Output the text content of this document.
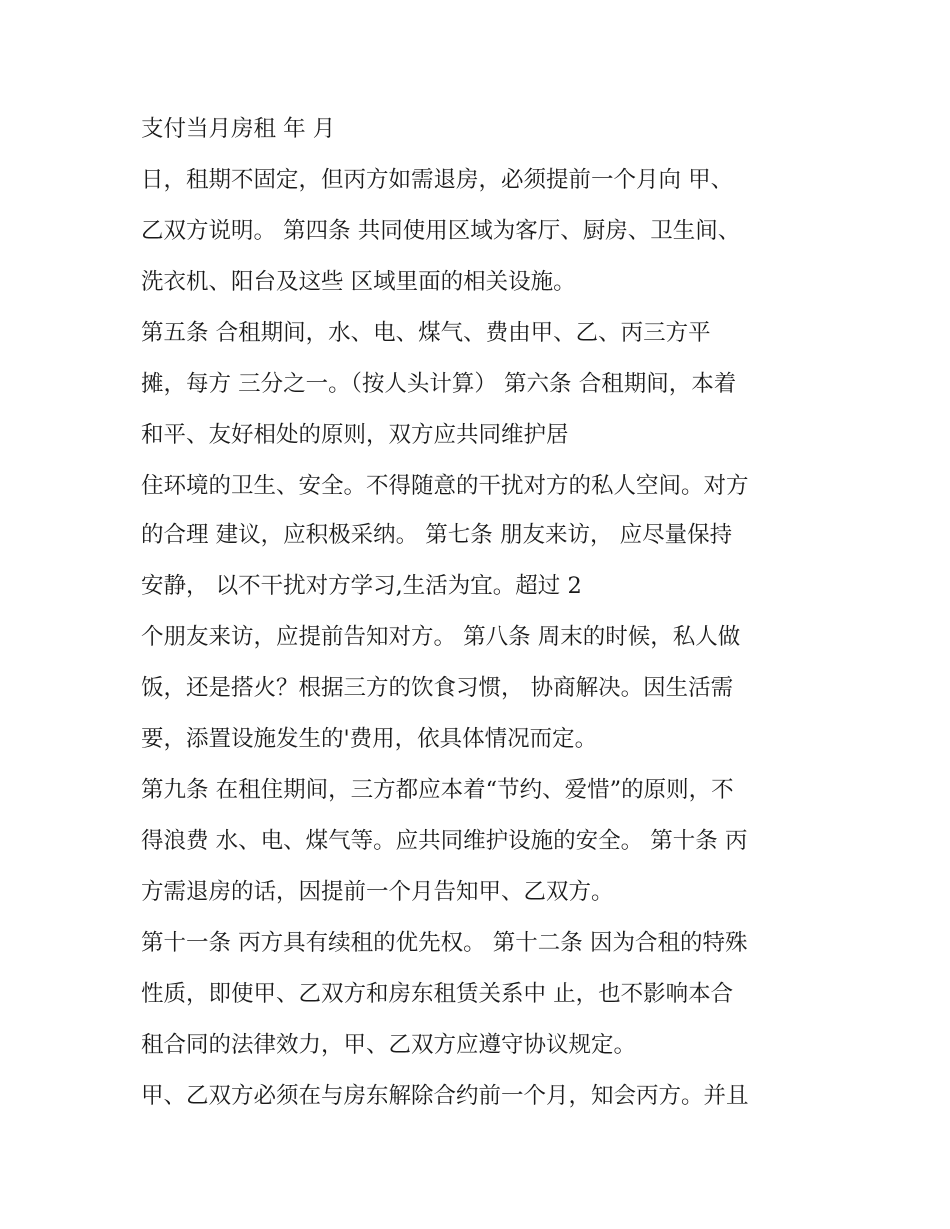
支付当月房租 年 月
日，租期不固定，但丙方如需退房，必须提前一个月向 甲、
乙双方说明。 第四条 共同使用区域为客厅、厨房、卫生间、
洗衣机、阳台及这些 区域里面的相关设施。
第五条 合租期间，水、电、煤气、费由甲、乙、丙三方平
摊，每方 三分之一。（按人头计算） 第六条 合租期间，本着
和平、友好相处的原则，双方应共同维护居
住环境的卫生、安全。不得随意的干扰对方的私人空间。对方
的合理 建议，应积极采纳。 第七条 朋友来访， 应尽量保持
安静， 以不干扰对方学习,生活为宜。超过 2
个朋友来访，应提前告知对方。 第八条 周末的时候，私人做
饭，还是搭火？根据三方的饮食习惯， 协商解决。因生活需
要，添置设施发生的'费用，依具体情况而定。
第九条 在租住期间，三方都应本着“节约、爱惜”的原则，不
得浪费 水、电、煤气等。应共同维护设施的安全。 第十条 丙
方需退房的话，因提前一个月告知甲、乙双方。
第十一条 丙方具有续租的优先权。 第十二条 因为合租的特殊
性质，即使甲、乙双方和房东租赁关系中 止，也不影响本合
租合同的法律效力，甲、乙双方应遵守协议规定。
甲、乙双方必须在与房东解除合约前一个月，知会丙方。并且
